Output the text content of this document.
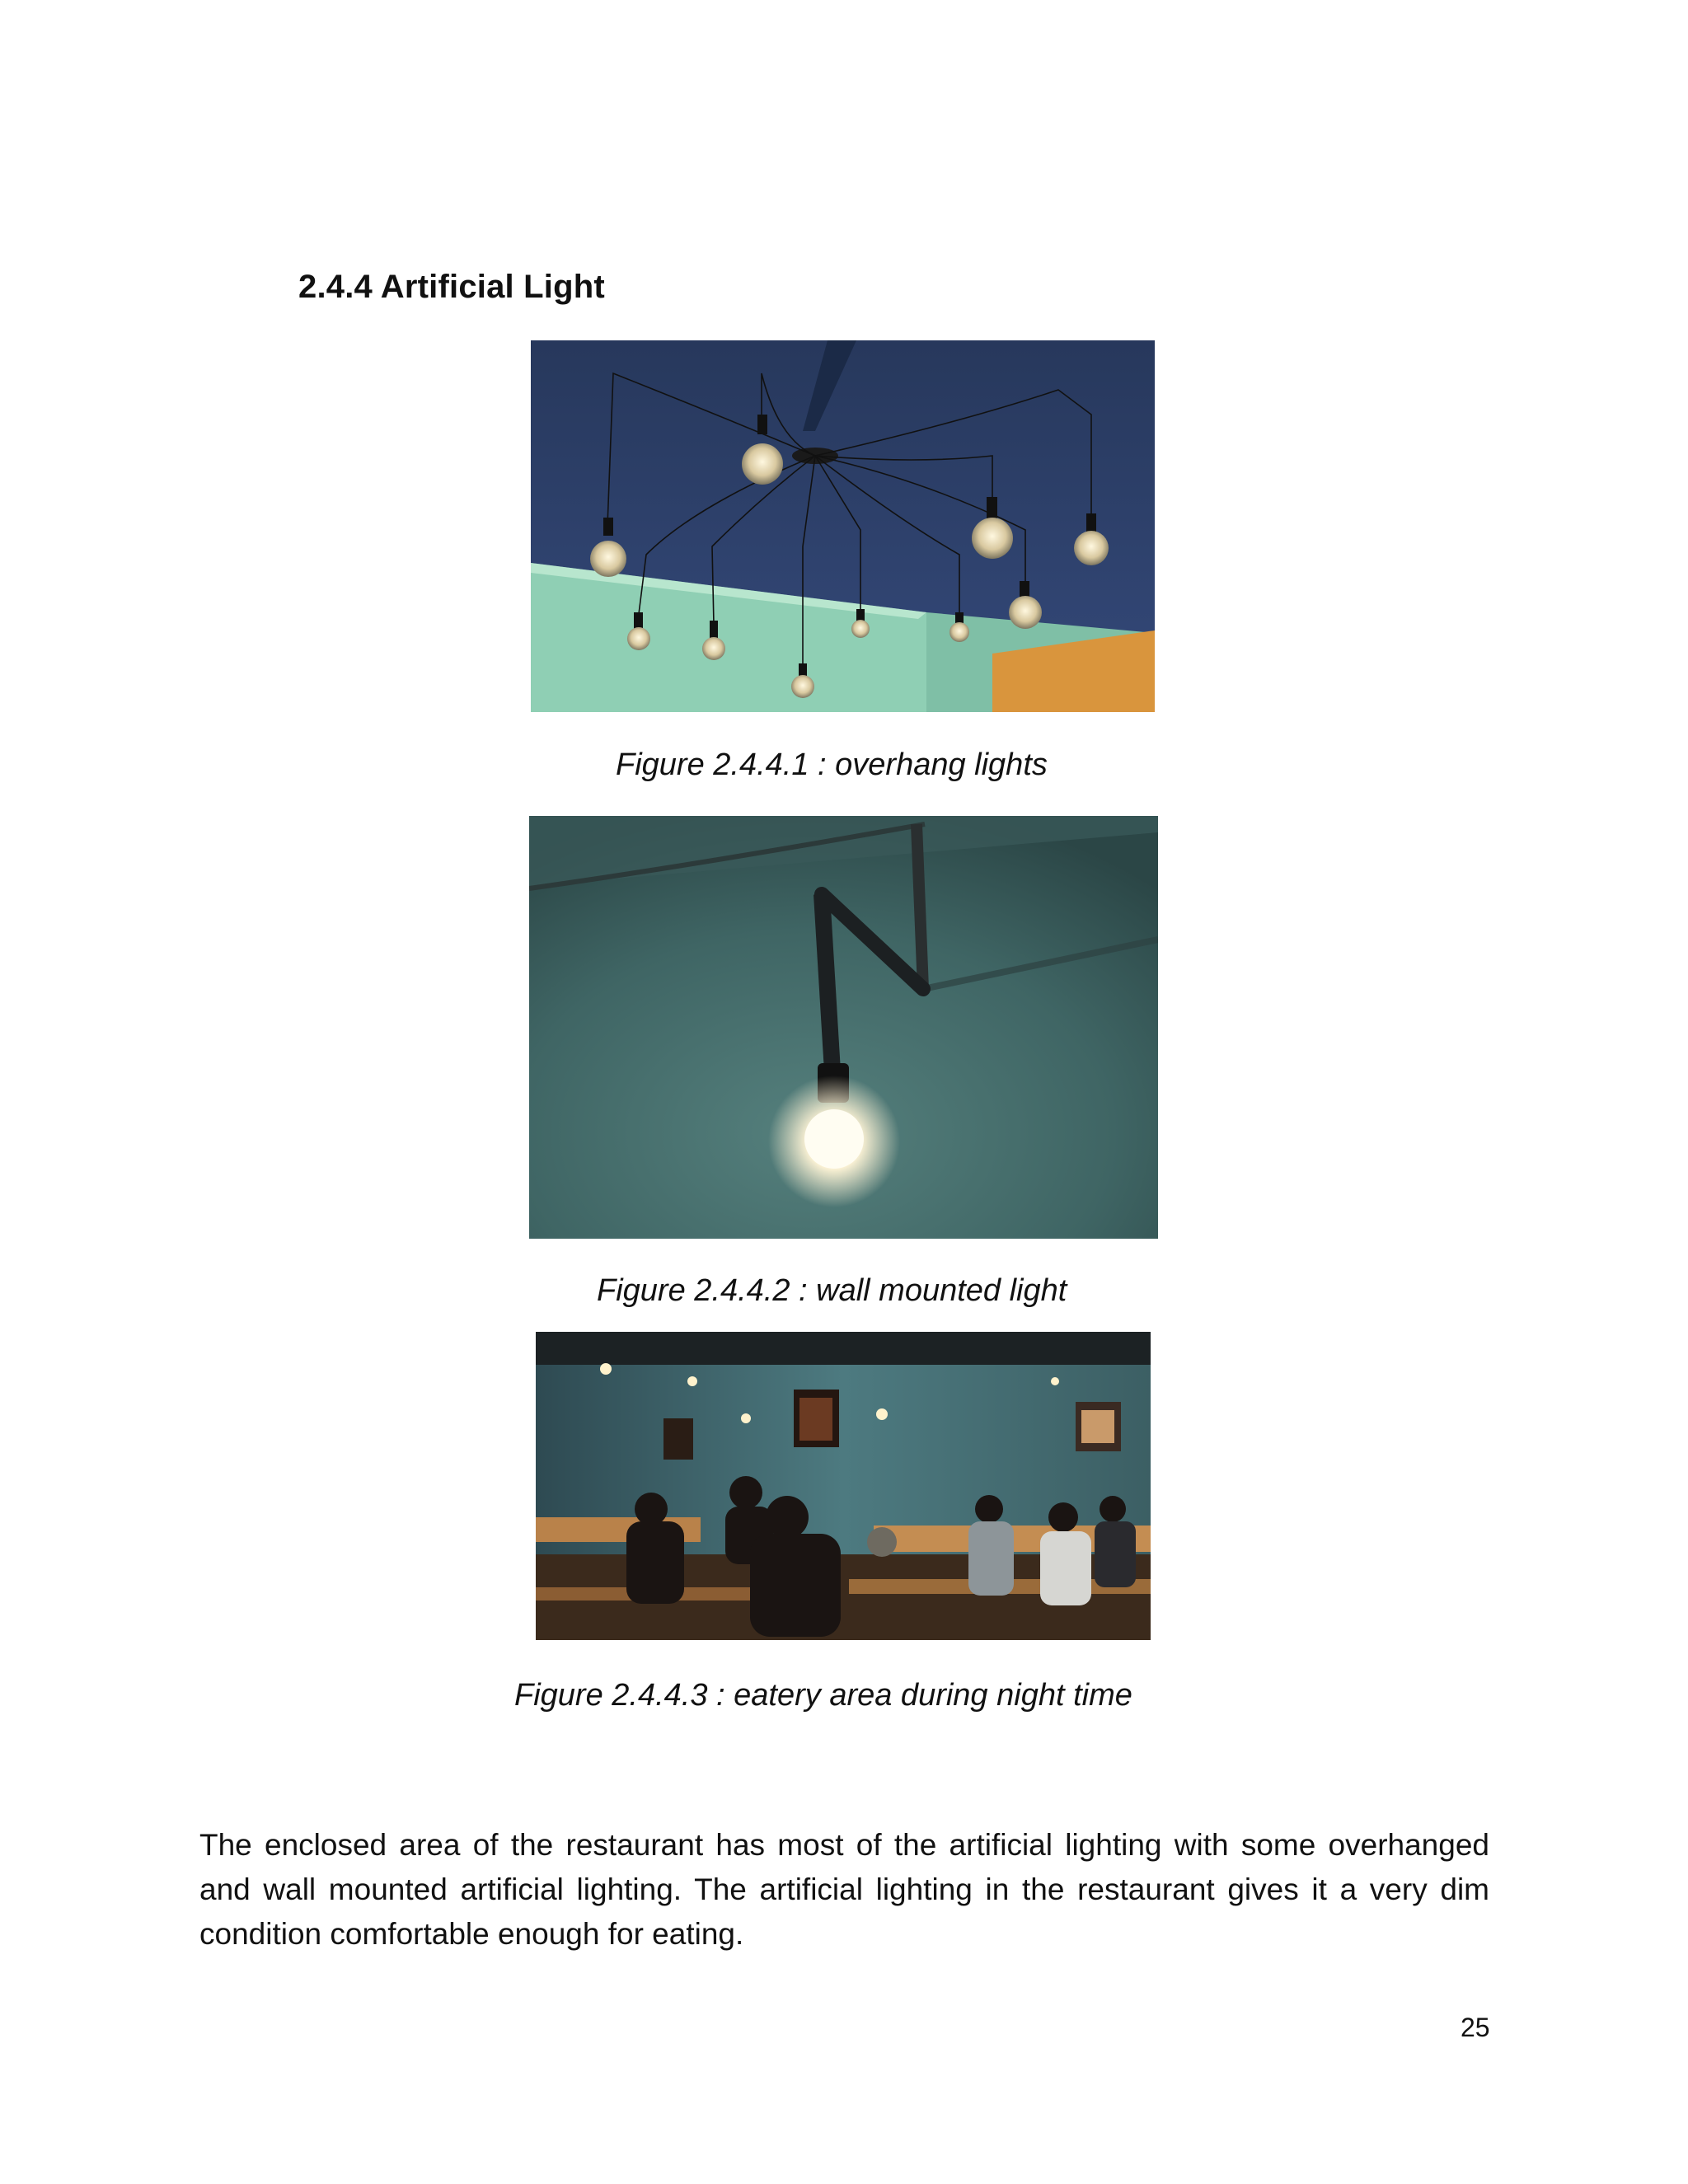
2.4.4 Artificial Light
Figure 2.4.4.1 : overhang lights
Figure 2.4.4.2 : wall mounted light
Figure 2.4.4.3 : eatery area during night time

The enclosed area of the restaurant has most of the artificial lighting with some overhanged and wall mounted artificial lighting. The artificial lighting in the restaurant gives it a very dim condition comfortable enough for eating.

25
